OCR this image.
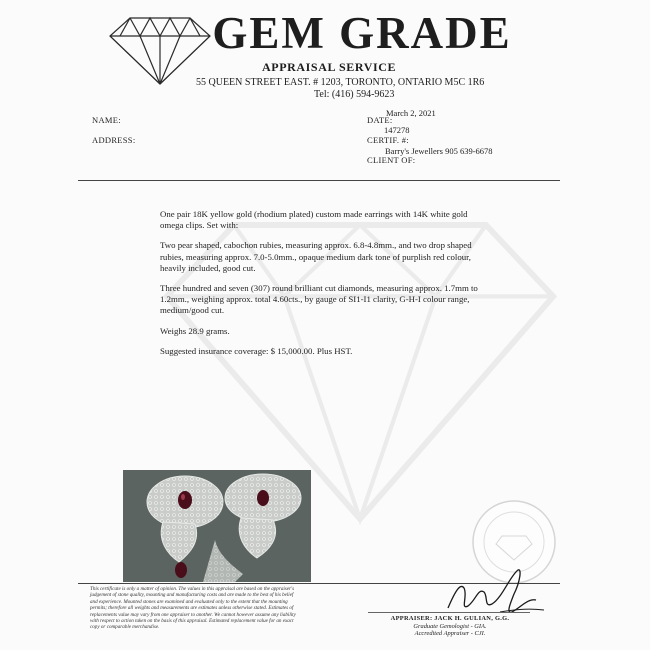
GEM GRADE
APPRAISAL SERVICE
55 QUEEN STREET EAST. # 1203, TORONTO, ONTARIO M5C 1R6
Tel: (416) 594-9623
March 2, 2021
NAME:	DATE:
147278
ADDRESS:	CERTIF. #:
Barry's Jewellers 905 639-6678
CLIENT OF:

One pair 18K yellow gold (rhodium plated) custom made earrings with 14K white gold omega clips. Set with:

Two pear shaped, cabochon rubies, measuring approx. 6.8-4.8mm., and two drop shaped rubies, measuring approx. 7.0-5.0mm., opaque medium dark tone of purplish red colour, heavily included, good cut.

Three hundred and seven (307) round brilliant cut diamonds, measuring approx. 1.7mm to 1.2mm., weighing approx. total 4.60cts., by gauge of SI1-I1 clarity, G-H-I colour range, medium/good cut.

Weighs 28.9 grams.

Suggested insurance coverage: $ 15,000.00. Plus HST.

This certificate is only a matter of opinion. The values in this appraisal are based on the appraiser's judgement of stone quality, mounting and manufacturing costs and are made to the best of his belief and experience. Mounted stones are examined and evaluated only to the extent that the mounting permits; therefore all weights and measurements are estimates unless otherwise stated. Estimates of replacements value may vary from one appraiser to another. We cannot however assume any liability with respect to action taken on the basis of this appraisal. Estimated replacement value for an exact copy or comparable merchandise.
APPRAISER: JACK H. GULIAN, G.G.
Graduate Gemologist - GIA.
Accredited Appraiser - CJI.
